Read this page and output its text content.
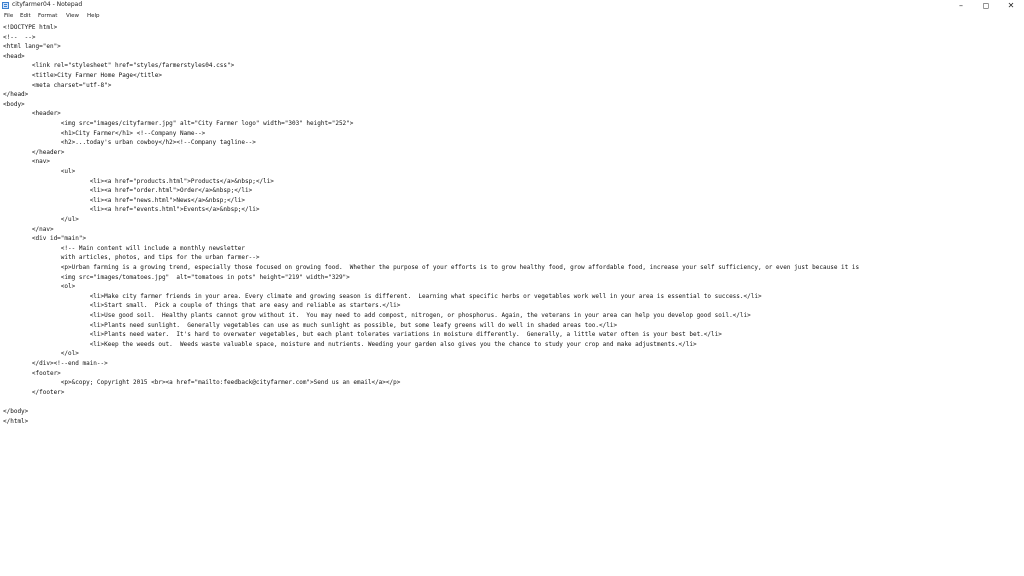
cityfarmer04 - Notepad	–	◻	✕
File Edit Format View Help
<!DOCTYPE html>
<!--  -->
<html lang="en">
<head>
<link rel="stylesheet" href="styles/farmerstyles04.css">
<title>City Farmer Home Page</title>
<meta charset="utf-8">
</head>
<body>
<header>
<img src="images/cityfarmer.jpg" alt="City Farmer logo" width="303" height="252">
<h1>City Farmer</h1> <!--Company Name-->
<h2>...today's urban cowboy</h2><!--Company tagline-->
</header>
<nav>
<ul>
<li><a href="products.html">Products</a>&nbsp;</li>
<li><a href="order.html">Order</a>&nbsp;</li>
<li><a href="news.html">News</a>&nbsp;</li>
<li><a href="events.html">Events</a>&nbsp;</li>
</ul>
</nav>
<div id="main">
<!-- Main content will include a monthly newsletter
with articles, photos, and tips for the urban farmer-->
<p>Urban farming is a growing trend, especially those focused on growing food.  Whether the purpose of your efforts is to grow healthy food, grow affordable food, increase your self sufficiency, or even just because it is
<img src="images/tomatoes.jpg"  alt="tomatoes in pots" height="219" width="329">
<ol>
<li>Make city farmer friends in your area. Every climate and growing season is different.  Learning what specific herbs or vegetables work well in your area is essential to success.</li>
<li>Start small.  Pick a couple of things that are easy and reliable as starters.</li>
<li>Use good soil.  Healthy plants cannot grow without it.  You may need to add compost, nitrogen, or phosphorus. Again, the veterans in your area can help you develop good soil.</li>
<li>Plants need sunlight.  Generally vegetables can use as much sunlight as possible, but some leafy greens will do well in shaded areas too.</li>
<li>Plants need water.  It's hard to overwater vegetables, but each plant tolerates variations in moisture differently.  Generally, a little water often is your best bet.</li>
<li>Keep the weeds out.  Weeds waste valuable space, moisture and nutrients. Weeding your garden also gives you the chance to study your crop and make adjustments.</li>
</ol>
</div><!--end main-->
<footer>
<p>&copy; Copyright 2015 <br><a href="mailto:feedback@cityfarmer.com">Send us an email</a></p>
</footer>
</body>
</html>
